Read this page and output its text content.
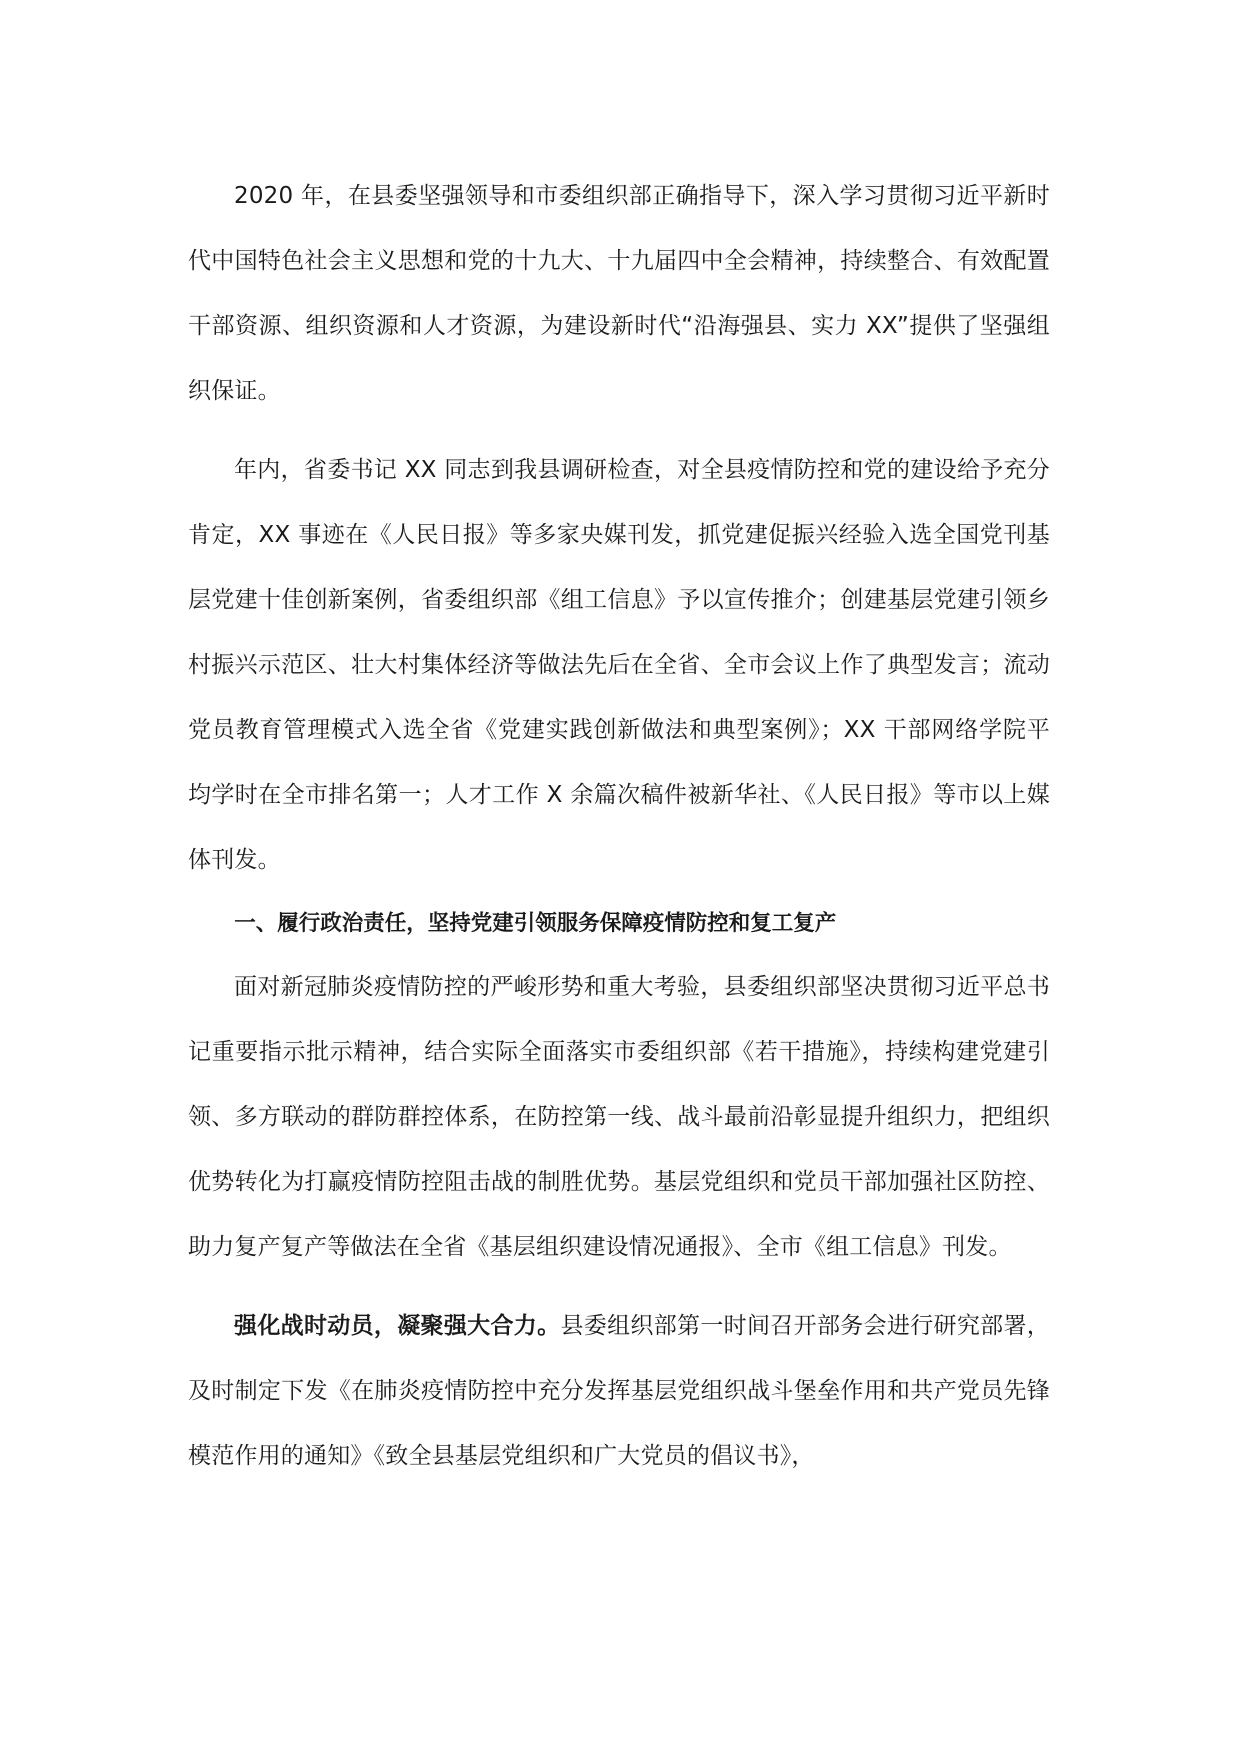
2020 年，在县委坚强领导和市委组织部正确指导下，深入学习贯彻习近平新时代中国特色社会主义思想和党的十九大、十九届四中全会精神，持续整合、有效配置干部资源、组织资源和人才资源，为建设新时代“沿海强县、实力 XX”提供了坚强组织保证。

年内，省委书记 XX 同志到我县调研检查，对全县疫情防控和党的建设给予充分肯定，XX 事迹在《人民日报》等多家央媒刊发，抓党建促振兴经验入选全国党刊基层党建十佳创新案例，省委组织部《组工信息》予以宣传推介；创建基层党建引领乡村振兴示范区、壮大村集体经济等做法先后在全省、全市会议上作了典型发言；流动党员教育管理模式入选全省《党建实践创新做法和典型案例》；XX 干部网络学院平均学时在全市排名第一；人才工作 X 余篇次稿件被新华社、《人民日报》等市以上媒体刊发。

一、履行政治责任，坚持党建引领服务保障疫情防控和复工复产

面对新冠肺炎疫情防控的严峻形势和重大考验，县委组织部坚决贯彻习近平总书记重要指示批示精神，结合实际全面落实市委组织部《若干措施》，持续构建党建引领、多方联动的群防群控体系，在防控第一线、战斗最前沿彰显提升组织力，把组织优势转化为打赢疫情防控阻击战的制胜优势。基层党组织和党员干部加强社区防控、助力复产复产等做法在全省《基层组织建设情况通报》、全市《组工信息》刊发。

强化战时动员，凝聚强大合力。县委组织部第一时间召开部务会进行研究部署，及时制定下发《在肺炎疫情防控中充分发挥基层党组织战斗堡垒作用和共产党员先锋模范作用的通知》《致全县基层党组织和广大党员的倡议书》，
